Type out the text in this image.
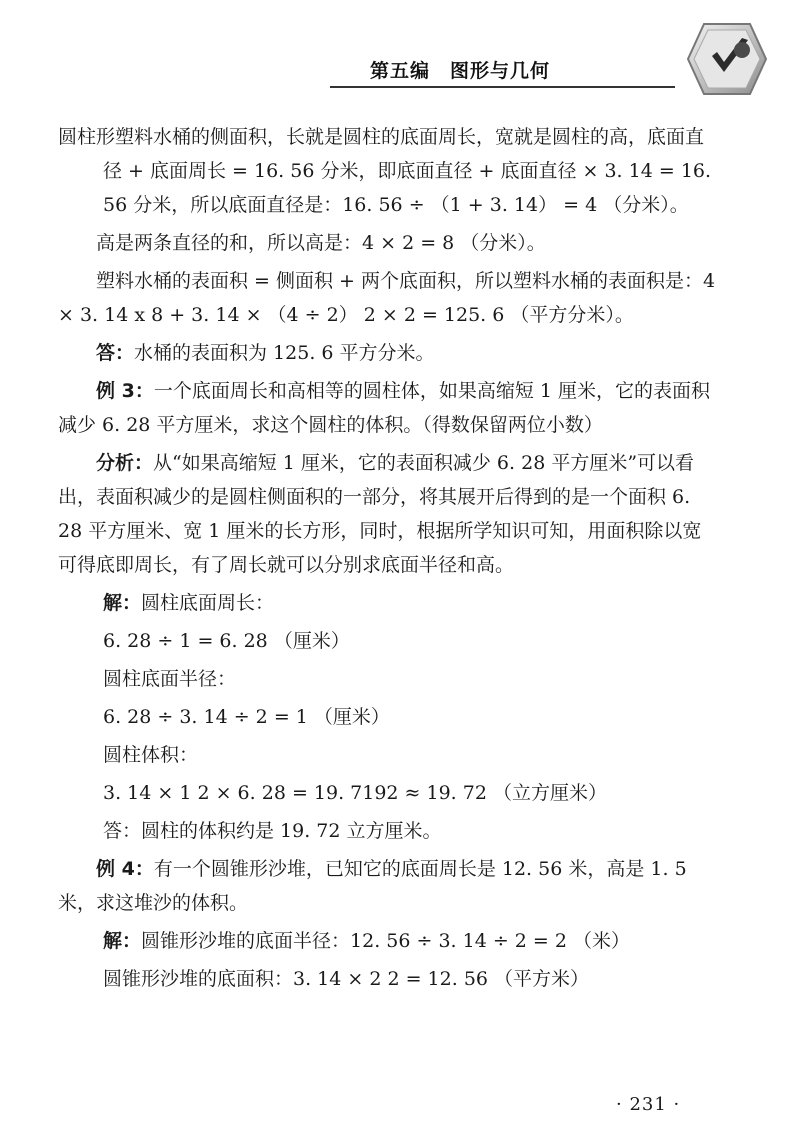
第五编　图形与几何

圆柱形塑料水桶的侧面积，长就是圆柱的底面周长，宽就是圆柱的高，底面直径 + 底面周长 = 16. 56 分米，即底面直径 + 底面直径 × 3. 14 = 16. 56 分米，所以底面直径是：16. 56 ÷ （1 + 3. 14） = 4 （分米）。

高是两条直径的和，所以高是：4 × 2 = 8 （分米）。

塑料水桶的表面积 = 侧面积 + 两个底面积，所以塑料水桶的表面积是：4 × 3. 14 x 8 + 3. 14 × （4 ÷ 2） 2 × 2 = 125. 6 （平方分米）。

答：水桶的表面积为 125. 6 平方分米。

例 3：一个底面周长和高相等的圆柱体，如果高缩短 1 厘米，它的表面积减少 6. 28 平方厘米，求这个圆柱的体积。（得数保留两位小数）

分析：从“如果高缩短 1 厘米，它的表面积减少 6. 28 平方厘米”可以看出，表面积减少的是圆柱侧面积的一部分，将其展开后得到的是一个面积 6. 28 平方厘米、宽 1 厘米的长方形，同时，根据所学知识可知，用面积除以宽可得底即周长，有了周长就可以分别求底面半径和高。

解：圆柱底面周长：

6. 28 ÷ 1 = 6. 28 （厘米）

圆柱底面半径：

6. 28 ÷ 3. 14 ÷ 2 = 1 （厘米）

圆柱体积：

3. 14 × 1 2 × 6. 28 = 19. 7192 ≈ 19. 72 （立方厘米）

答：圆柱的体积约是 19. 72 立方厘米。

例 4：有一个圆锥形沙堆，已知它的底面周长是 12. 56 米，高是 1. 5 米，求这堆沙的体积。

解：圆锥形沙堆的底面半径：12. 56 ÷ 3. 14 ÷ 2 = 2 （米）

圆锥形沙堆的底面积：3. 14 × 2 2 = 12. 56 （平方米）

· 231 ·
